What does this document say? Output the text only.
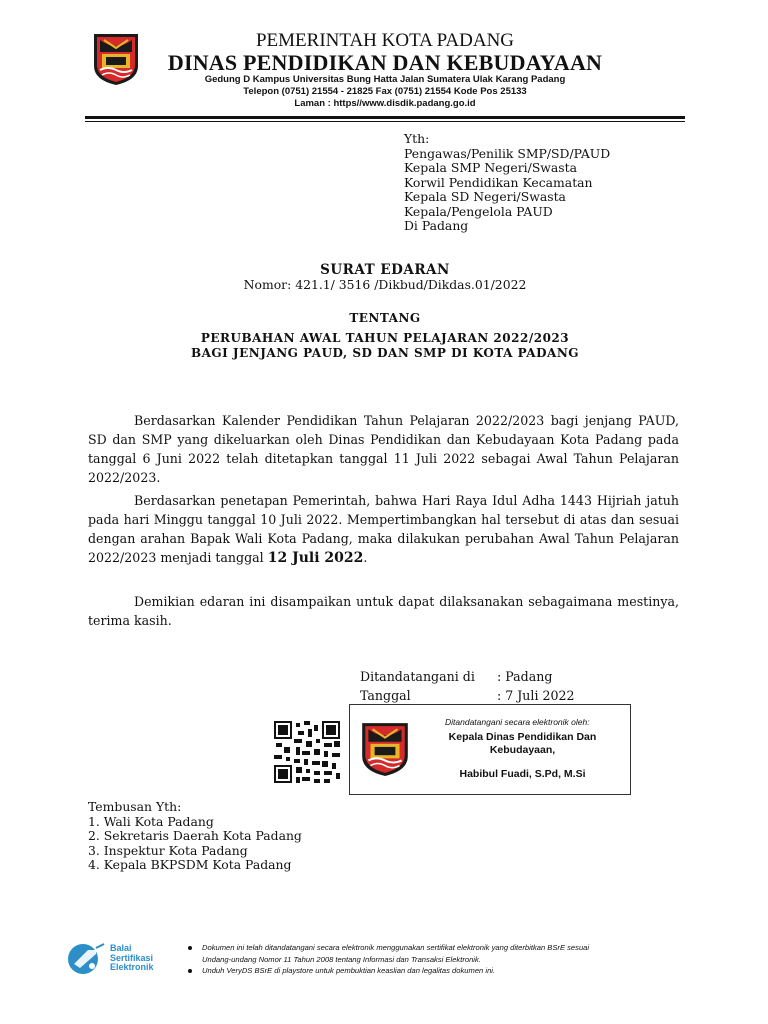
PEMERINTAH KOTA PADANG
DINAS PENDIDIKAN DAN KEBUDAYAAN
Gedung D Kampus Universitas Bung Hatta Jalan Sumatera Ulak Karang Padang
Telepon (0751) 21554 - 21825 Fax (0751) 21554 Kode Pos 25133
Laman : https//www.disdik.padang.go.id
Yth:
Pengawas/Penilik SMP/SD/PAUD
Kepala SMP Negeri/Swasta
Korwil Pendidikan Kecamatan
Kepala SD Negeri/Swasta
Kepala/Pengelola PAUD
Di Padang
SURAT EDARAN
Nomor: 421.1/ 3516 /Dikbud/Dikdas.01/2022
TENTANG
PERUBAHAN AWAL TAHUN PELAJARAN 2022/2023
BAGI JENJANG PAUD, SD DAN SMP DI KOTA PADANG
Berdasarkan Kalender Pendidikan Tahun Pelajaran 2022/2023 bagi jenjang PAUD, SD dan SMP yang dikeluarkan oleh Dinas Pendidikan dan Kebudayaan Kota Padang pada tanggal 6 Juni 2022 telah ditetapkan tanggal 11 Juli 2022 sebagai Awal Tahun Pelajaran 2022/2023.
Berdasarkan penetapan Pemerintah, bahwa Hari Raya Idul Adha 1443 Hijriah jatuh pada hari Minggu tanggal 10 Juli 2022. Mempertimbangkan hal tersebut di atas dan sesuai dengan arahan Bapak Wali Kota Padang, maka dilakukan perubahan Awal Tahun Pelajaran 2022/2023 menjadi tanggal 12 Juli 2022.
Demikian edaran ini disampaikan untuk dapat dilaksanakan sebagaimana mestinya, terima kasih.
Ditandatangani di	: Padang
Tanggal	: 7 Juli 2022
Ditandatangani secara elektronik oleh:
Kepala Dinas Pendidikan Dan
Kebudayaan,
Habibul Fuadi, S.Pd, M.Si
Tembusan Yth:
1. Wali Kota Padang
2. Sekretaris Daerah Kota Padang
3. Inspektur Kota Padang
4. Kepala BKPSDM Kota Padang
Balai
Sertifikasi
Elektronik
Dokumen ini telah ditandatangani secara elektronik menggunakan sertifikat elektronik yang diterbitkan BSrE sesuai
Undang-undang Nomor 11 Tahun 2008 tentang Informasi dan Transaksi Elektronik.
Unduh VeryDS BSrE di playstore untuk pembuktian keaslian dan legalitas dokumen ini.
